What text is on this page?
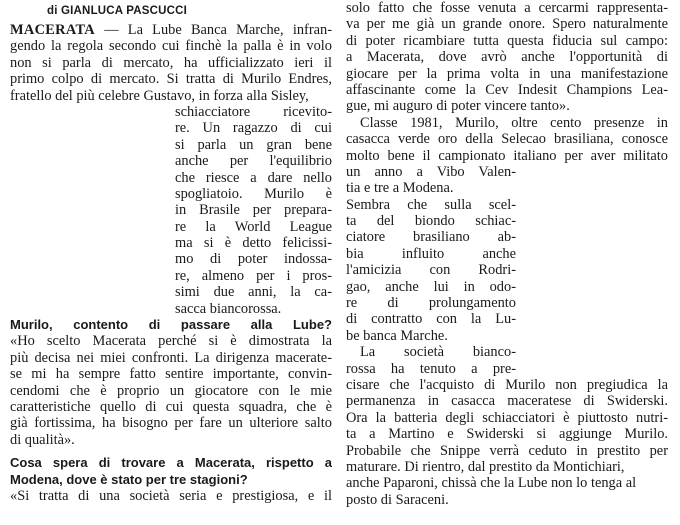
di GIANLUCA PASCUCCI
MACERATA — La Lube Banca Marche, infran-
gendo la regola secondo cui finchè la palla è in volo
non si parla di mercato, ha ufficializzato ieri il
primo colpo di mercato. Si tratta di Murilo Endres,
fratello del più celebre Gustavo, in forza alla Sisley,
schiacciatore ricevito-
re. Un ragazzo di cui
si parla un gran bene
anche per l'equilibrio
che riesce a dare nello
spogliatoio. Murilo è
in Brasile per prepara-
re la World League
ma si è detto felicissi-
mo di poter indossa-
re, almeno per i pros-
simi due anni, la ca-
sacca biancorossa.
Murilo, contento di passare alla Lube?
«Ho scelto Macerata perché si è dimostrata la
più decisa nei miei confronti. La dirigenza macerate-
se mi ha sempre fatto sentire importante, convin-
cendomi che è proprio un giocatore con le mie
caratteristiche quello di cui questa squadra, che è
già fortissima, ha bisogno per fare un ulteriore salto
di qualità».
Cosa spera di trovare a Macerata, rispetto a
Modena, dove è stato per tre stagioni?
«Si tratta di una società seria e prestigiosa, e il
solo fatto che fosse venuta a cercarmi rappresenta-
va per me già un grande onore. Spero naturalmente
di poter ricambiare tutta questa fiducia sul campo:
a Macerata, dove avrò anche l'opportunità di
giocare per la prima volta in una manifestazione
affascinante come la Cev Indesit Champions Lea-
gue, mi auguro di poter vincere tanto».
Classe 1981, Murilo, oltre cento presenze in
casacca verde oro della Selecao brasiliana, conosce
molto bene il campionato italiano per aver militato
un anno a Vibo Valen-
tia e tre a Modena.
Sembra che sulla scel-
ta del biondo schiac-
ciatore brasiliano ab-
bia influito anche
l'amicizia con Rodri-
gao, anche lui in odo-
re di prolungamento
di contratto con la Lu-
be banca Marche.
La società bianco-
rossa ha tenuto a pre-
cisare che l'acquisto di Murilo non pregiudica la
permanenza in casacca maceratese di Swiderski.
Ora la batteria degli schiacciatori è piuttosto nutri-
ta a Martino e Swiderski si aggiunge Murilo.
Probabile che Snippe verrà ceduto in prestito per
maturare. Di rientro, dal prestito da Montichiari,
anche Paparoni, chissà che la Lube non lo tenga al
posto di Saraceni.
